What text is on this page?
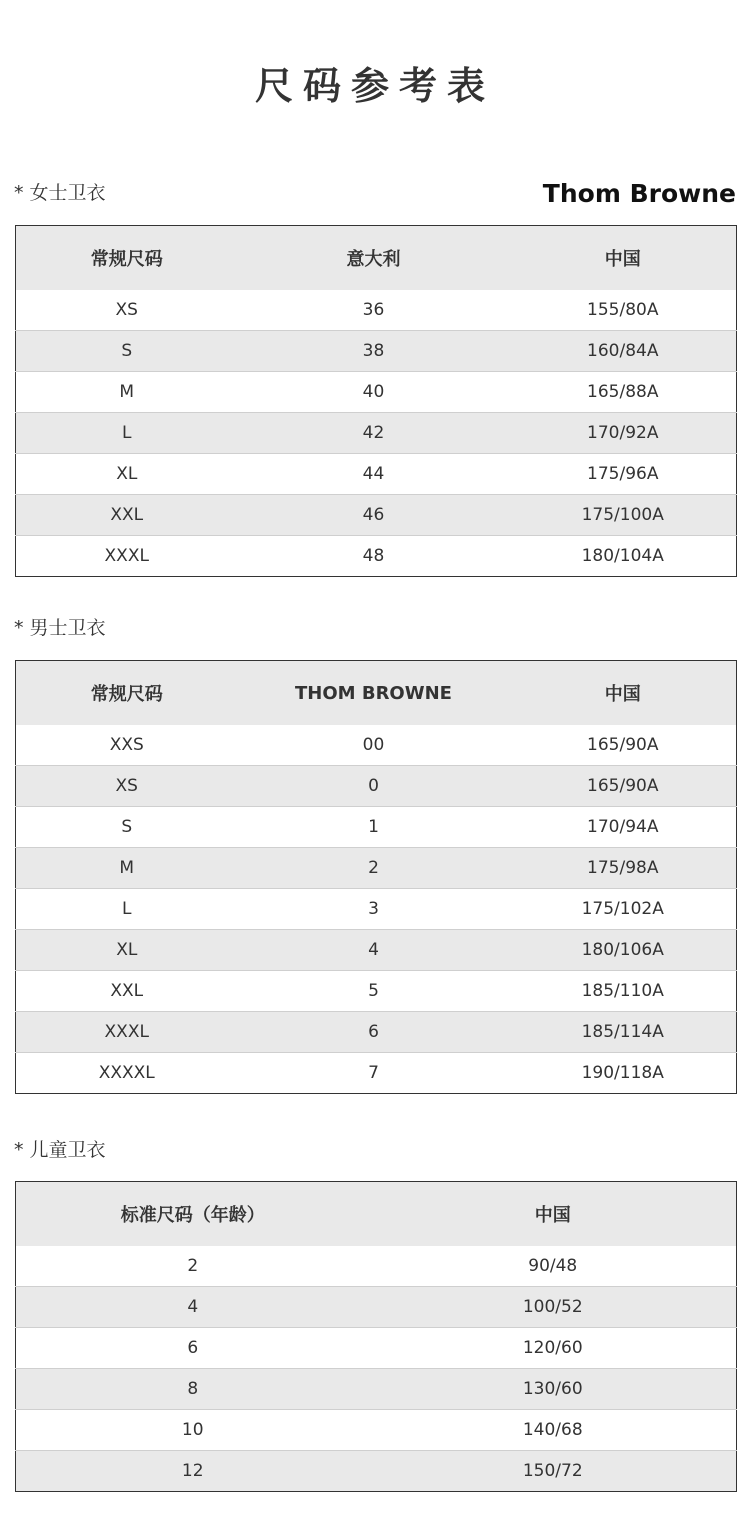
尺码参考表
* 女士卫衣	Thom Browne
常规尺码	意大利	中国
XS	36	155/80A
S	38	160/84A
M	40	165/88A
L	42	170/92A
XL	44	175/96A
XXL	46	175/100A
XXXL	48	180/104A
* 男士卫衣
常规尺码	THOM BROWNE	中国
XXS	00	165/90A
XS	0	165/90A
S	1	170/94A
M	2	175/98A
L	3	175/102A
XL	4	180/106A
XXL	5	185/110A
XXXL	6	185/114A
XXXXL	7	190/118A
* 儿童卫衣
标准尺码（年龄）	中国
2	90/48
4	100/52
6	120/60
8	130/60
10	140/68
12	150/72
